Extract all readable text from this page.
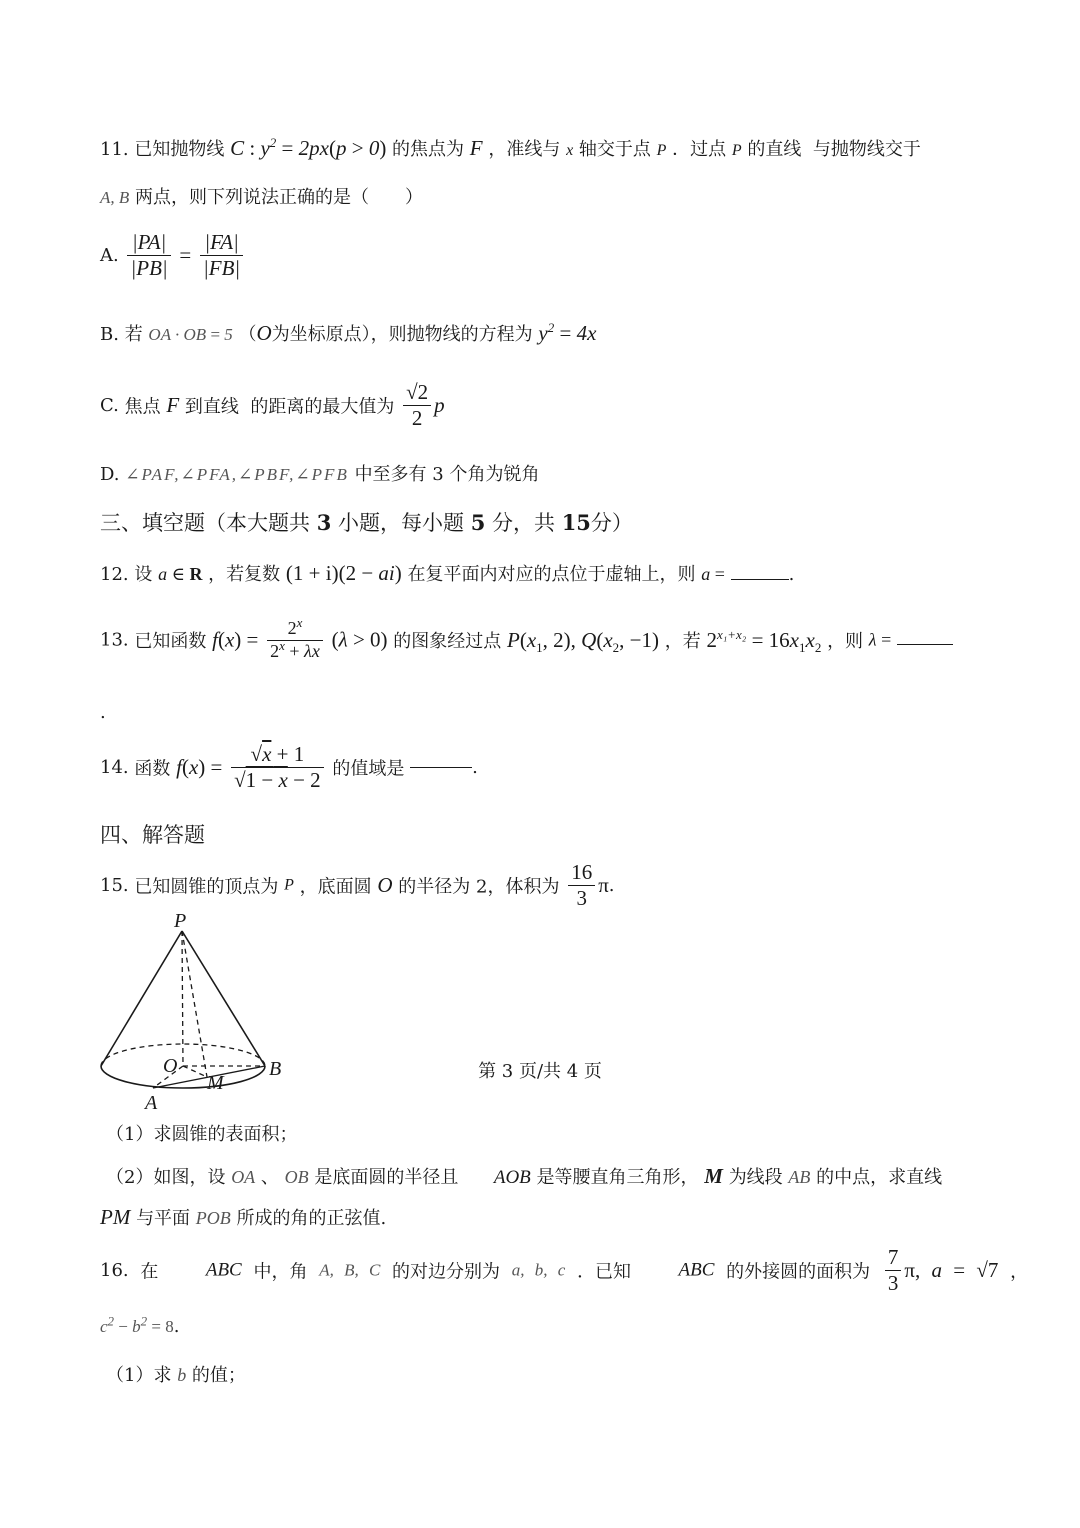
11. 已知抛物线 C : $y^2 = 2px(p > 0)$ 的焦点为 F ，准线与 x 轴交于点 P ．过点 P 的直线 与抛物线交于
A, B 两点，则下列说法正确的是（　　）
A. $\frac{|PA|}{|PB|} = \frac{|FA|}{|FB|}$
B. 若 OA · OB = 5 （O为坐标原点），则抛物线的方程为 $y^2 = 4x$
C. 焦点 F 到直线 的距离的最大值为 $\frac{√2}{2}$ p
D. ∠PAF,∠PFA,∠PBF,∠PFB 中至多有 3 个角为锐角
三、填空题（本大题共 3 小题，每小题 5 分，共 15分）
12. 设 a ∈ R ，若复数 (1 + i)(2 − ai) 在复平面内对应的点位于虚轴上，则 a =	.
13. 已知函数 $f(x) = \frac{2^x}{2^x + \lambda x} (\lambda > 0)$ 的图象经过点 $P(x_1$, 2), $Q(x_2$, −1) ，若 $2^{x_1+x_2} = 16x_1x_2$ ，则 λ =
.
14. 函数 $f(x) = \frac{√x + 1}{√1 - x - 2}$ 的值域是	.
四、解答题
15. 已知圆锥的顶点为 P ，底面圆 O 的半径为 2，体积为 $\frac{16}{3} \pi$.
P
O
M
B
A
（1）求圆锥的表面积；
（2）如图，设 OA 、 OB 是底面圆的半径且 AOB 是等腰直角三角形， M 为线段 AB 的中点，求直线
PM 与平面 POB 所成的角的正弦值.
16. 在 ABC 中，角 A, B, C 的对边分别为 a, b, c ．已知 ABC 的外接圆的面积为 $\frac{7}{3} \pi$, a = √7 ，
$c^2 - b^2 = 8$.
（1）求 b 的值；
第 3 页/共 4 页
